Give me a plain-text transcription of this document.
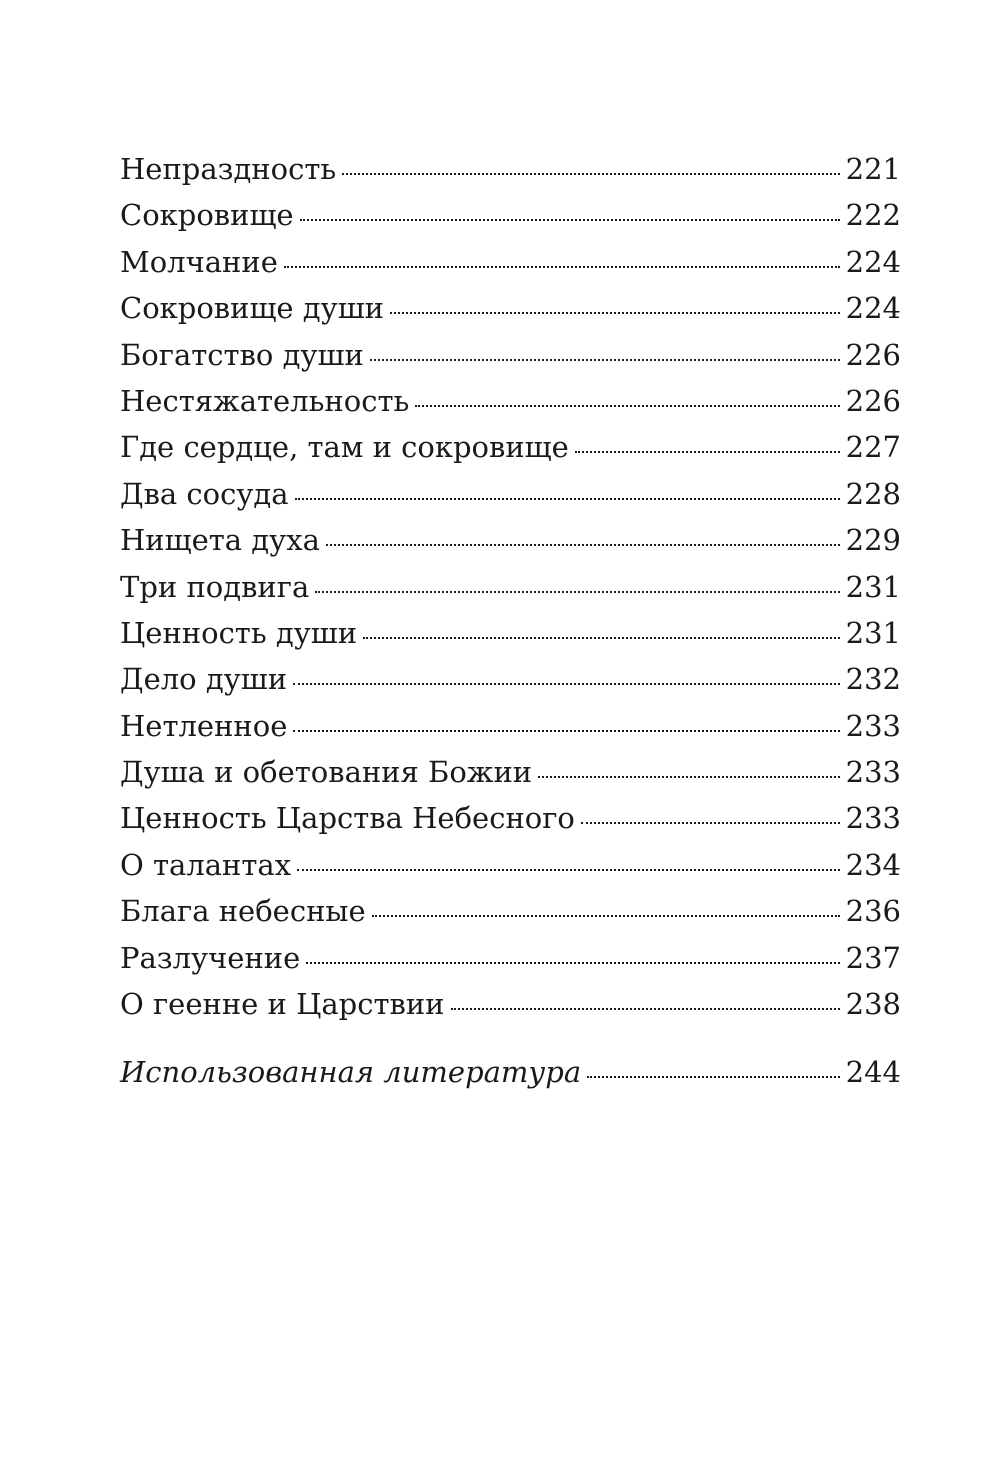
Непраздность	221
Сокровище	222
Молчание	224
Сокровище души	224
Богатство души	226
Нестяжательность	226
Где сердце, там и сокровище	227
Два сосуда	228
Нищета духа	229
Три подвига	231
Ценность души	231
Дело души	232
Нетленное	233
Душа и обетования Божии	233
Ценность Царства Небесного	233
О талантах	234
Блага небесные	236
Разлучение	237
О геенне и Царствии	238
Использованная литература	244
